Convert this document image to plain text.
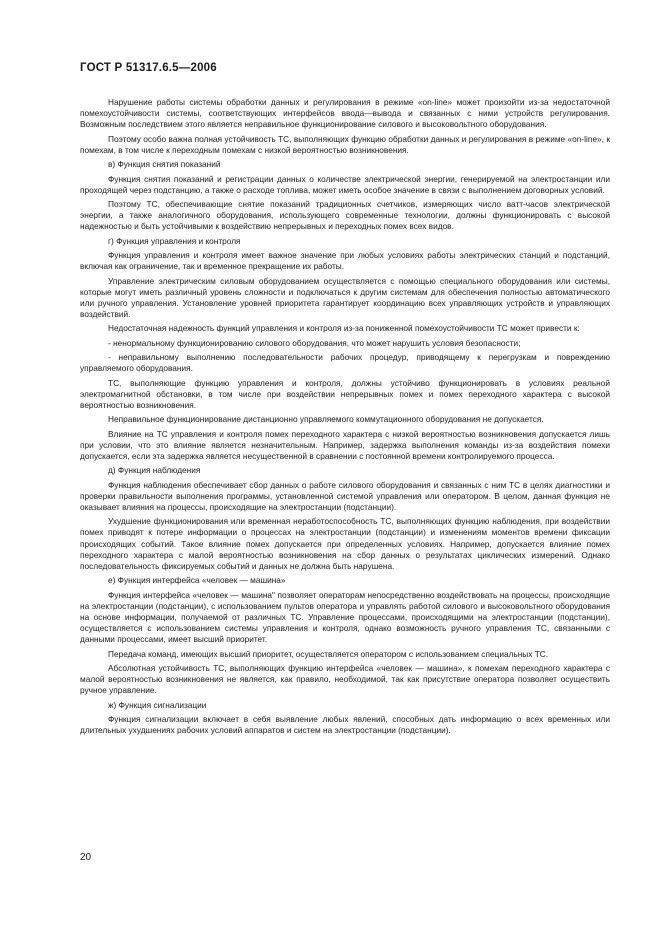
ГОСТ Р 51317.6.5—2006

Нарушение работы системы обработки данных и регулирования в режиме «on-line» может произойти из-за недостаточной помехоустойчивости системы, соответствующих интерфейсов ввода—вывода и связанных с ними устройств регулирования. Возможным последствием этого является неправильное функционирование силового и высоковольтного оборудования.

Поэтому особо важна полная устойчивость ТС, выполняющих функцию обработки данных и регулирования в режиме «on-line», к помехам, в том числе к переходным помехам с низкой вероятностью возникновения.

в) Функция снятия показаний

Функция снятия показаний и регистрации данных о количестве электрической энергии, генерируемой на электростанции или проходящей через подстанцию, а также о расходе топлива, может иметь особое значение в связи с выполнением договорных условий.

Поэтому ТС, обеспечивающие снятие показаний традиционных счетчиков, измеряющих число ватт-часов электрической энергии, а также аналогичного оборудования, использующего современные технологии, должны функционировать с высокой надежностью и быть устойчивыми к воздействию непрерывных и переходных помех всех видов.

г) Функция управления и контроля

Функция управления и контроля имеет важное значение при любых условиях работы электрических станций и подстанций, включая как ограничение, так и временное прекращение их работы.

Управление электрическим силовым оборудованием осуществляется с помощью специального оборудования или системы, которые могут иметь различный уровень сложности и подключаться к другим системам для обеспечения полностью автоматического или ручного управления. Установление уровней приоритета гарантирует координацию всех управляющих устройств и управляющих воздействий.

Недостаточная надежность функций управления и контроля из-за пониженной помехоустойчивости ТС может привести к:

- ненормальному функционированию силового оборудования, что может нарушить условия безопасности;

- неправильному выполнению последовательности рабочих процедур, приводящему к перегрузкам и повреждению управляемого оборудования.

ТС, выполняющие функцию управления и контроля, должны устойчиво функционировать в условиях реальной электромагнитной обстановки, в том числе при воздействии непрерывных помех и помех переходного характера с высокой вероятностью возникновения.

Неправильное функционирование дистанционно управляемого коммутационного оборудования не допускается.

Влияние на ТС управления и контроля помех переходного характера с низкой вероятностью возникновения допускается лишь при условии, что это влияние является незначительным. Например, задержка выполнения команды из-за воздействия помехи допускается, если эта задержка является несущественной в сравнении с постоянной времени контролируемого процесса.

д) Функция наблюдения

Функция наблюдения обеспечивает сбор данных о работе силового оборудования и связанных с ним ТС в целях диагностики и проверки правильности выполнения программы, установленной системой управления или оператором. В целом, данная функция не оказывает влияния на процессы, происходящие на электростанции (подстанции).

Ухудшение функционирования или временная неработоспособность ТС, выполняющих функцию наблюдения, при воздействии помех приводят к потере информации о процессах на электростанции (подстанции) и изменениям моментов времени фиксации происходящих событий. Такое влияние помех допускается при определенных условиях. Например, допускается влияние помех переходного характера с малой вероятностью возникновения на сбор данных о результатах циклических измерений. Однако последовательность фиксируемых событий и данных не должна быть нарушена.

е) Функция интерфейса «человек — машина»

Функция интерфейса «человек — машина" позволяет операторам непосредственно воздействовать на процессы, происходящие на электростанции (подстанции), с использованием пультов оператора и управлять работой силового и высоковольтного оборудования на основе информации, получаемой от различных ТС. Управление процессами, происходящими на электростанции (подстанции), осуществляется с использованием системы управления и контроля, однако возможность ручного управления ТС, связанными с данными процессами, имеет высший приоритет.

Передача команд, имеющих высший приоритет, осуществляется оператором с использованием специальных ТС.

Абсолютная устойчивость ТС, выполняющих функцию интерфейса «человек — машина», к помехам переходного характера с малой вероятностью возникновения не является, как правило, необходимой, так как присутствие оператора позволяет осуществить ручное управление.

ж) Функция сигнализации

Функция сигнализации включает в себя выявление любых явлений, способных дать информацию о всех временных или длительных ухудшениях рабочих условий аппаратов и систем на электростанции (подстанции).

20
